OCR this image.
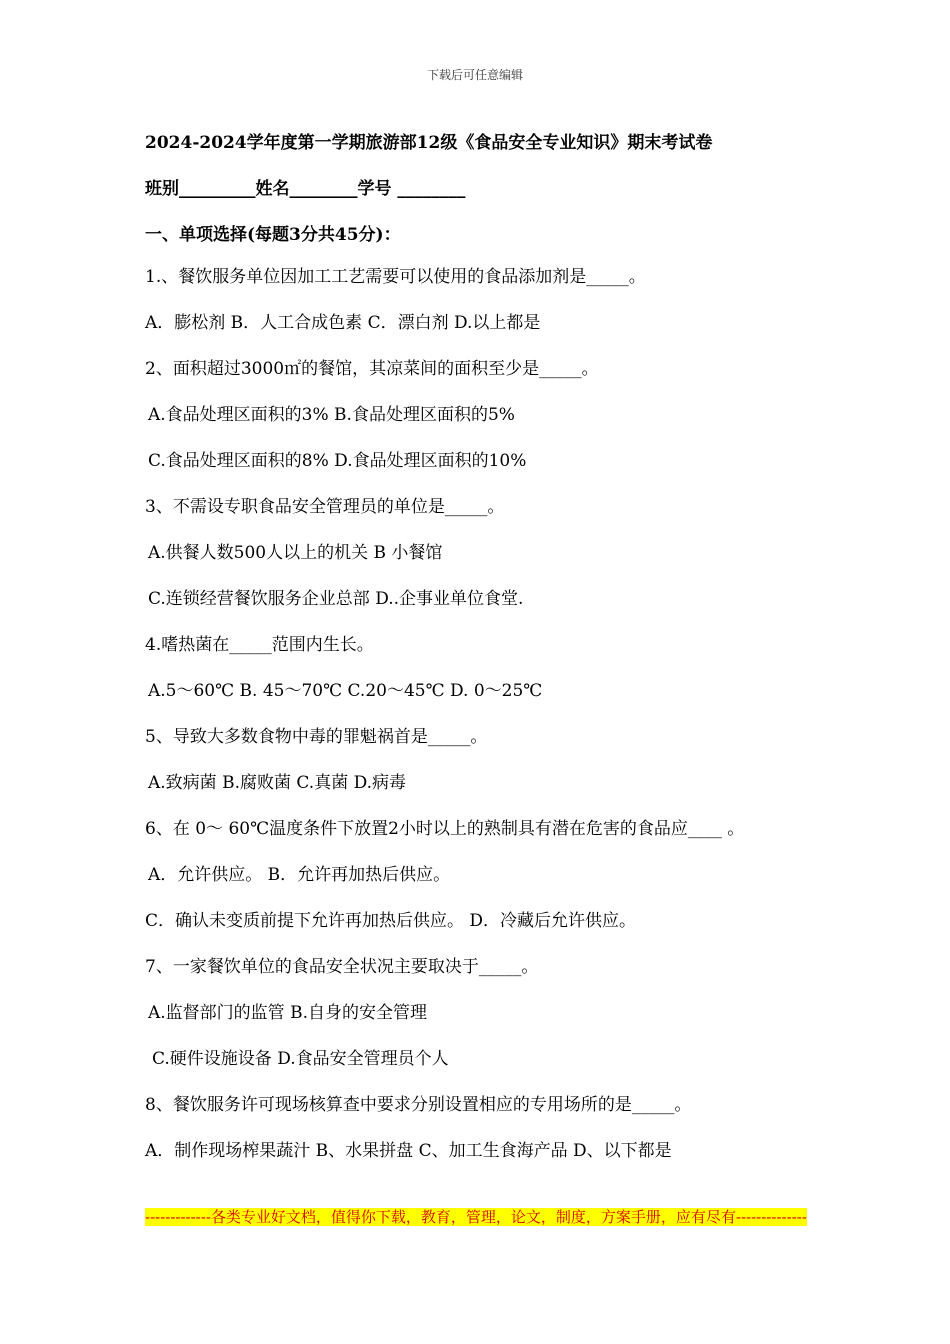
下载后可任意编辑
2024-2024学年度第一学期旅游部12级《食品安全专业知识》期末考试卷
班别_________姓名________学号 ________
一、单项选择(每题3分共45分)：
1.、餐饮服务单位因加工工艺需要可以使用的食品添加剂是_____。
A．膨松剂 B．人工合成色素 C．漂白剂 D.以上都是
2、面积超过3000㎡的餐馆，其凉菜间的面积至少是_____。
A.食品处理区面积的3% B.食品处理区面积的5%
C.食品处理区面积的8% D.食品处理区面积的10%
3、不需设专职食品安全管理员的单位是_____。
A.供餐人数500人以上的机关 B 小餐馆
C.连锁经营餐饮服务企业总部 D..企事业单位食堂.
4.嗜热菌在_____范围内生长。
A.5～60℃ B. 45～70℃ C.20～45℃ D. 0～25℃
5、导致大多数食物中毒的罪魁祸首是_____。
A.致病菌 B.腐败菌 C.真菌 D.病毒
6、在 0～ 60℃温度条件下放置2小时以上的熟制具有潜在危害的食品应____ 。
A．允许供应。 B．允许再加热后供应。
C．确认未变质前提下允许再加热后供应。 D．冷藏后允许供应。
7、一家餐饮单位的食品安全状况主要取决于_____。
A.监督部门的监管 B.自身的安全管理
C.硬件设施设备 D.食品安全管理员个人
8、餐饮服务许可现场核算查中要求分别设置相应的专用场所的是_____。
A．制作现场榨果蔬汁 B、水果拼盘 C、加工生食海产品 D、以下都是
-------------各类专业好文档，值得你下载，教育，管理，论文，制度，方案手册，应有尽有--------------
